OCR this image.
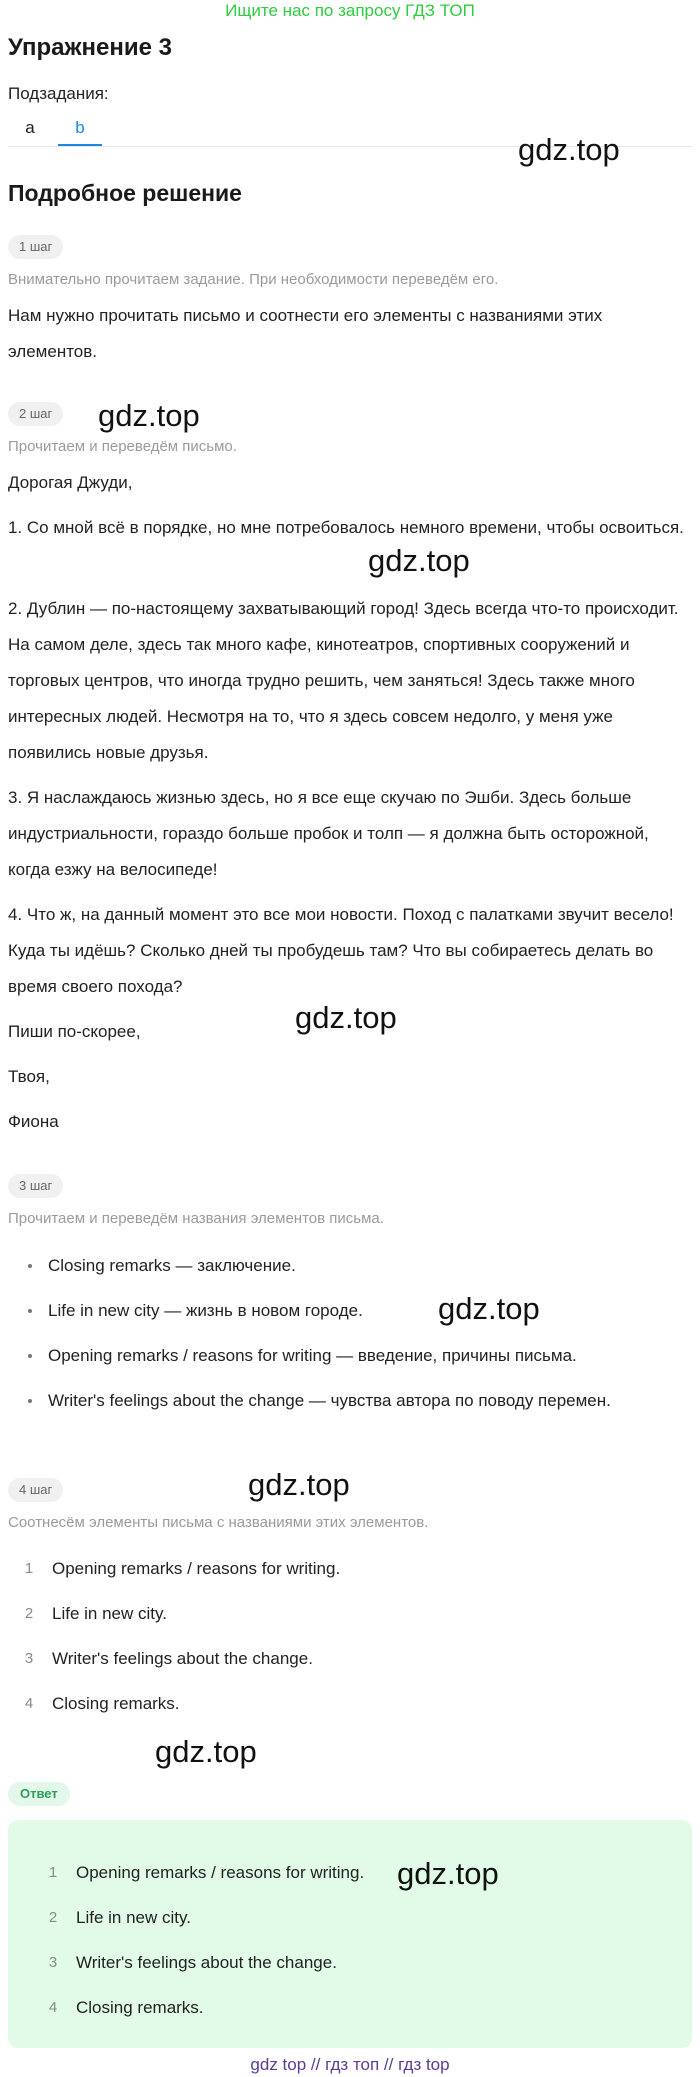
Ищите нас по запросу ГДЗ ТОП
Упражнение 3
Подзадания:
a	b
Подробное решение
1 шаг
Внимательно прочитаем задание. При необходимости переведём его.
Нам нужно прочитать письмо и соотнести его элементы с названиями этих элементов.
2 шаг
Прочитаем и переведём письмо.
Дорогая Джуди,
1. Со мной всё в порядке, но мне потребовалось немного времени, чтобы освоиться.
2. Дублин — по-настоящему захватывающий город! Здесь всегда что-то происходит. На самом деле, здесь так много кафе, кинотеатров, спортивных сооружений и торговых центров, что иногда трудно решить, чем заняться! Здесь также много интересных людей. Несмотря на то, что я здесь совсем недолго, у меня уже появились новые друзья.
3. Я наслаждаюсь жизнью здесь, но я все еще скучаю по Эшби. Здесь больше индустриальности, гораздо больше пробок и толп — я должна быть осторожной, когда езжу на велосипеде!
4. Что ж, на данный момент это все мои новости. Поход с палатками звучит весело! Куда ты идёшь? Сколько дней ты пробудешь там? Что вы собираетесь делать во время своего похода?
Пиши по-скорее,
Твоя,
Фиона
3 шаг
Прочитаем и переведём названия элементов письма.
Closing remarks — заключение.
Life in new city — жизнь в новом городе.
Opening remarks / reasons for writing — введение, причины письма.
Writer's feelings about the change — чувства автора по поводу перемен.
4 шаг
Соотнесём элементы письма с названиями этих элементов.
1 Opening remarks / reasons for writing.
2 Life in new city.
3 Writer's feelings about the change.
4 Closing remarks.
Ответ
1 Opening remarks / reasons for writing.
2 Life in new city.
3 Writer's feelings about the change.
4 Closing remarks.
gdz.top
gdz.top
gdz.top
gdz.top
gdz.top
gdz.top
gdz.top
gdz.top
gdz top // гдз топ // гдз top
